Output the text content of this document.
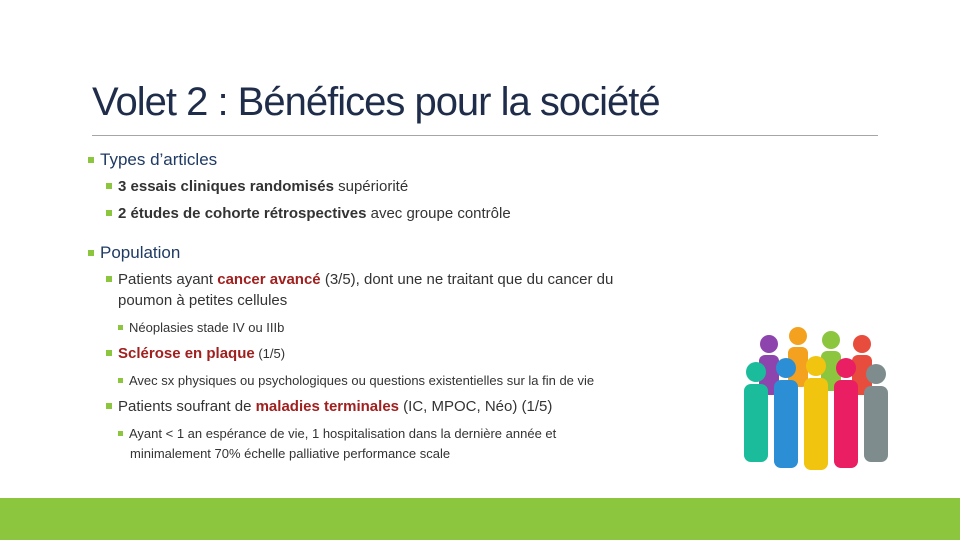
Volet 2 : Bénéfices pour la société
Types d’articles
3 essais cliniques randomisés supériorité
2 études de cohorte rétrospectives avec groupe contrôle
Population
Patients ayant cancer avancé (3/5), dont une ne traitant que du cancer du
poumon à petites cellules
Néoplasies stade IV ou IIIb
Sclérose en plaque (1/5)
Avec sx physiques ou psychologiques ou questions existentielles sur la fin de vie
Patients soufrant de maladies terminales (IC, MPOC, Néo) (1/5)
Ayant < 1 an espérance de vie, 1 hospitalisation dans la dernière année et
minimalement 70% échelle palliative performance scale
